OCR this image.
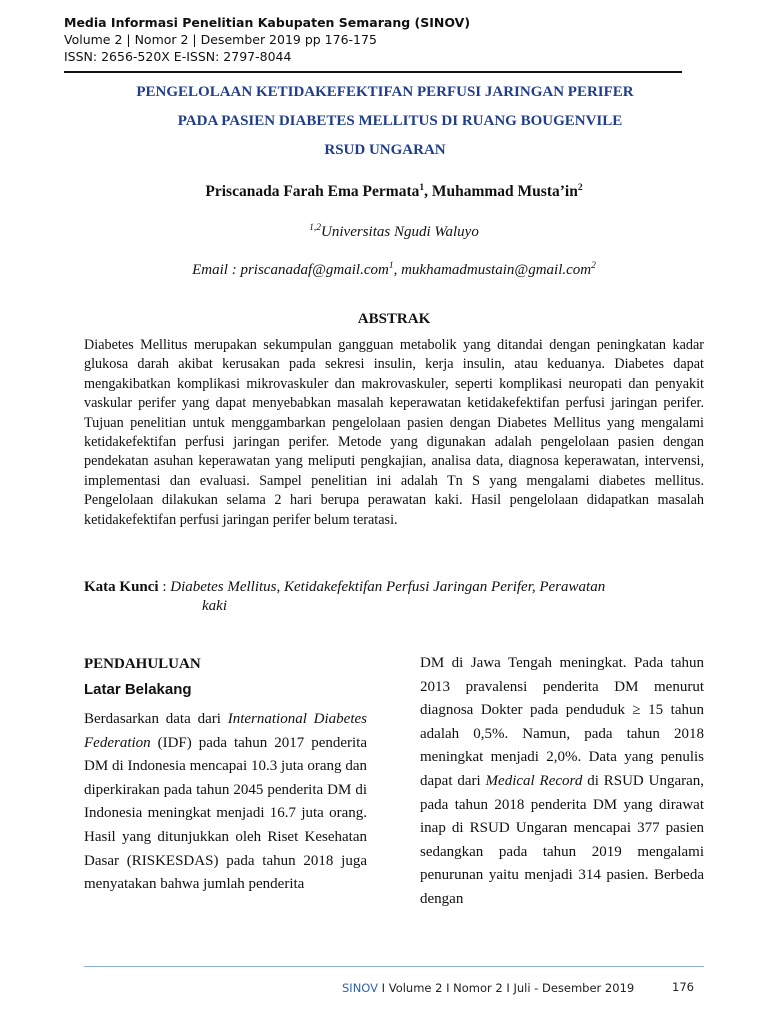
Media Informasi Penelitian Kabupaten Semarang (SINOV)
Volume 2 | Nomor 2 | Desember 2019 pp 176-175
ISSN: 2656-520X E-ISSN: 2797-8044
PENGELOLAAN KETIDAKEFEKTIFAN PERFUSI JARINGAN PERIFER
PADA PASIEN DIABETES MELLITUS DI RUANG BOUGENVILE
RSUD UNGARAN
Priscanada Farah Ema Permata$^1$, Muhammad $Musta’in^2$
$^{1,2}$Universitas Ngudi Waluyo
Email : priscanadaf@gmail.com$^1$, mukhamadmustain@gmail.com$^2$
ABSTRAK
Diabetes Mellitus merupakan sekumpulan gangguan metabolik yang ditandai dengan peningkatan kadar glukosa darah akibat kerusakan pada sekresi insulin, kerja insulin, atau keduanya. Diabetes dapat mengakibatkan komplikasi mikrovaskuler dan makrovaskuler, seperti komplikasi neuropati dan penyakit vaskular perifer yang dapat menyebabkan masalah keperawatan ketidakefektifan perfusi jaringan perifer. Tujuan penelitian untuk menggambarkan pengelolaan pasien dengan Diabetes Mellitus yang mengalami ketidakefektifan perfusi jaringan perifer. Metode yang digunakan adalah pengelolaan pasien dengan pendekatan asuhan keperawatan yang meliputi pengkajian, analisa data, diagnosa keperawatan, intervensi, implementasi dan evaluasi. Sampel penelitian ini adalah Tn S yang mengalami diabetes mellitus. Pengelolaan dilakukan selama 2 hari berupa perawatan kaki. Hasil pengelolaan didapatkan masalah ketidakefektifan perfusi jaringan perifer belum teratasi.
Kata Kunci : Diabetes Mellitus, Ketidakefektifan Perfusi Jaringan Perifer, Perawatan
kaki
PENDAHULUAN
Latar Belakang
Berdasarkan data dari International Diabetes Federation (IDF) pada tahun 2017 penderita DM di Indonesia mencapai 10.3 juta orang dan diperkirakan pada tahun 2045 penderita DM di Indonesia meningkat menjadi 16.7 juta orang. Hasil yang ditunjukkan oleh Riset Kesehatan Dasar (RISKESDAS) pada tahun 2018 juga menyatakan bahwa jumlah penderita
DM di Jawa Tengah meningkat. Pada tahun 2013 pravalensi penderita DM menurut diagnosa Dokter pada penduduk ≥ 15 tahun adalah 0,5%. Namun, pada tahun 2018 meningkat menjadi 2,0%. Data yang penulis dapat dari Medical Record di RSUD Ungaran, pada tahun 2018 penderita DM yang dirawat inap di RSUD Ungaran mencapai 377 pasien sedangkan pada tahun 2019 mengalami penurunan yaitu menjadi 314 pasien. Berbeda dengan
SINOV I Volume 2 I Nomor 2 I Juli - Desember 2019	176
